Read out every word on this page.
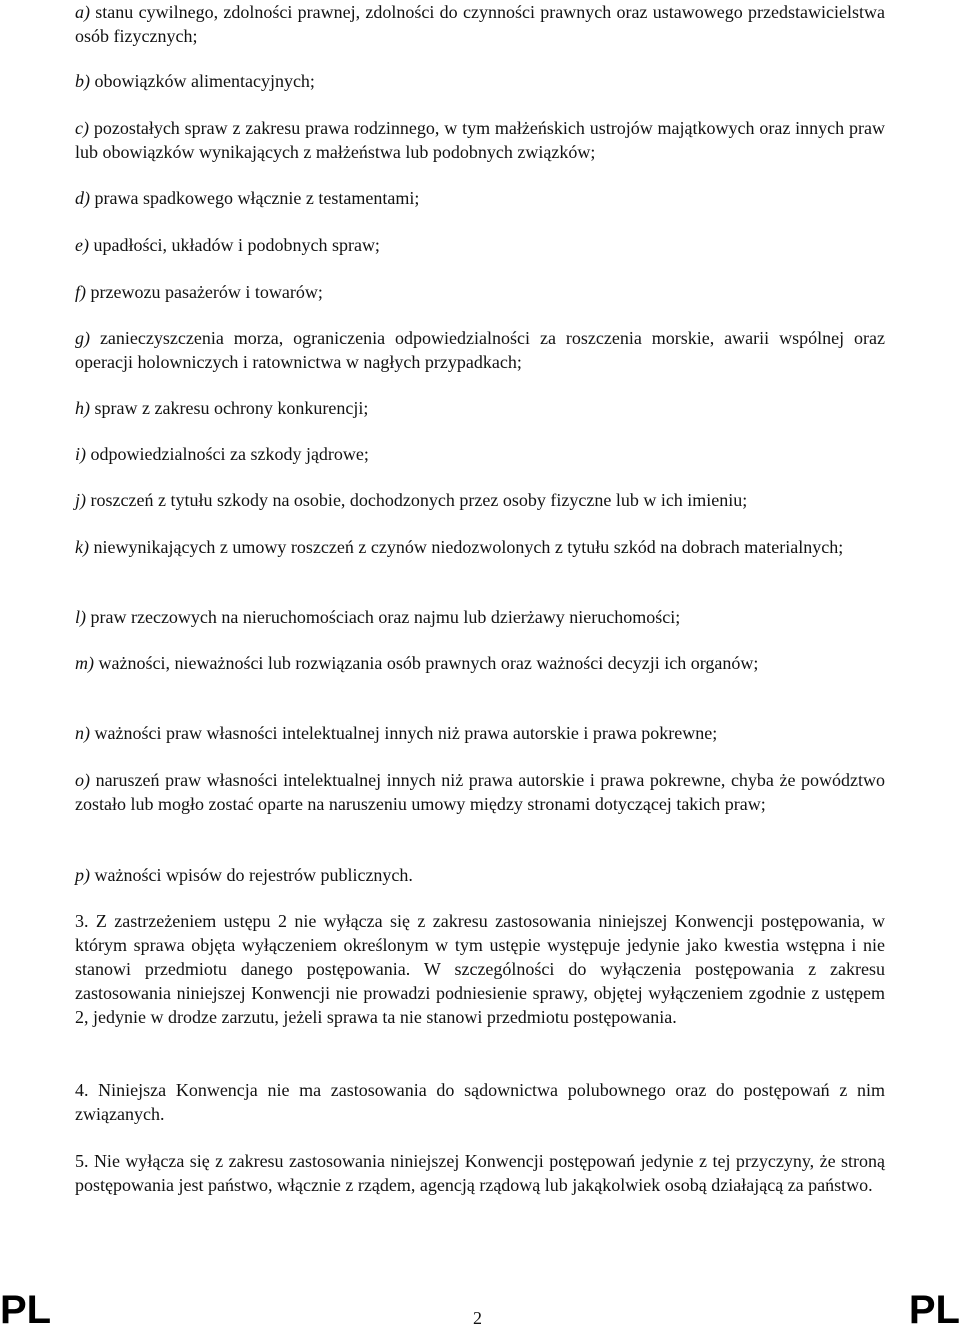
a) stanu cywilnego, zdolności prawnej, zdolności do czynności prawnych oraz ustawowego przedstawicielstwa osób fizycznych;

b) obowiązków alimentacyjnych;

c) pozostałych spraw z zakresu prawa rodzinnego, w tym małżeńskich ustrojów majątkowych oraz innych praw lub obowiązków wynikających z małżeństwa lub podobnych związków;

d) prawa spadkowego włącznie z testamentami;

e) upadłości, układów i podobnych spraw;

f) przewozu pasażerów i towarów;

g) zanieczyszczenia morza, ograniczenia odpowiedzialności za roszczenia morskie, awarii wspólnej oraz operacji holowniczych i ratownictwa w nagłych przypadkach;

h) spraw z zakresu ochrony konkurencji;

i) odpowiedzialności za szkody jądrowe;

j) roszczeń z tytułu szkody na osobie, dochodzonych przez osoby fizyczne lub w ich imieniu;

k) niewynikających z umowy roszczeń z czynów niedozwolonych z tytułu szkód na dobrach materialnych;

l) praw rzeczowych na nieruchomościach oraz najmu lub dzierżawy nieruchomości;

m) ważności, nieważności lub rozwiązania osób prawnych oraz ważności decyzji ich organów;

n) ważności praw własności intelektualnej innych niż prawa autorskie i prawa pokrewne;

o) naruszeń praw własności intelektualnej innych niż prawa autorskie i prawa pokrewne, chyba że powództwo zostało lub mogło zostać oparte na naruszeniu umowy między stronami dotyczącej takich praw;

p) ważności wpisów do rejestrów publicznych.

3. Z zastrzeżeniem ustępu 2 nie wyłącza się z zakresu zastosowania niniejszej Konwencji postępowania, w którym sprawa objęta wyłączeniem określonym w tym ustępie występuje jedynie jako kwestia wstępna i nie stanowi przedmiotu danego postępowania. W szczególności do wyłączenia postępowania z zakresu zastosowania niniejszej Konwencji nie prowadzi podniesienie sprawy, objętej wyłączeniem zgodnie z ustępem 2, jedynie w drodze zarzutu, jeżeli sprawa ta nie stanowi przedmiotu postępowania.

4. Niniejsza Konwencja nie ma zastosowania do sądownictwa polubownego oraz do postępowań z nim związanych.

5. Nie wyłącza się z zakresu zastosowania niniejszej Konwencji postępowań jedynie z tej przyczyny, że stroną postępowania jest państwo, włącznie z rządem, agencją rządową lub jakąkolwiek osobą działającą za państwo.

PL	2	PL
